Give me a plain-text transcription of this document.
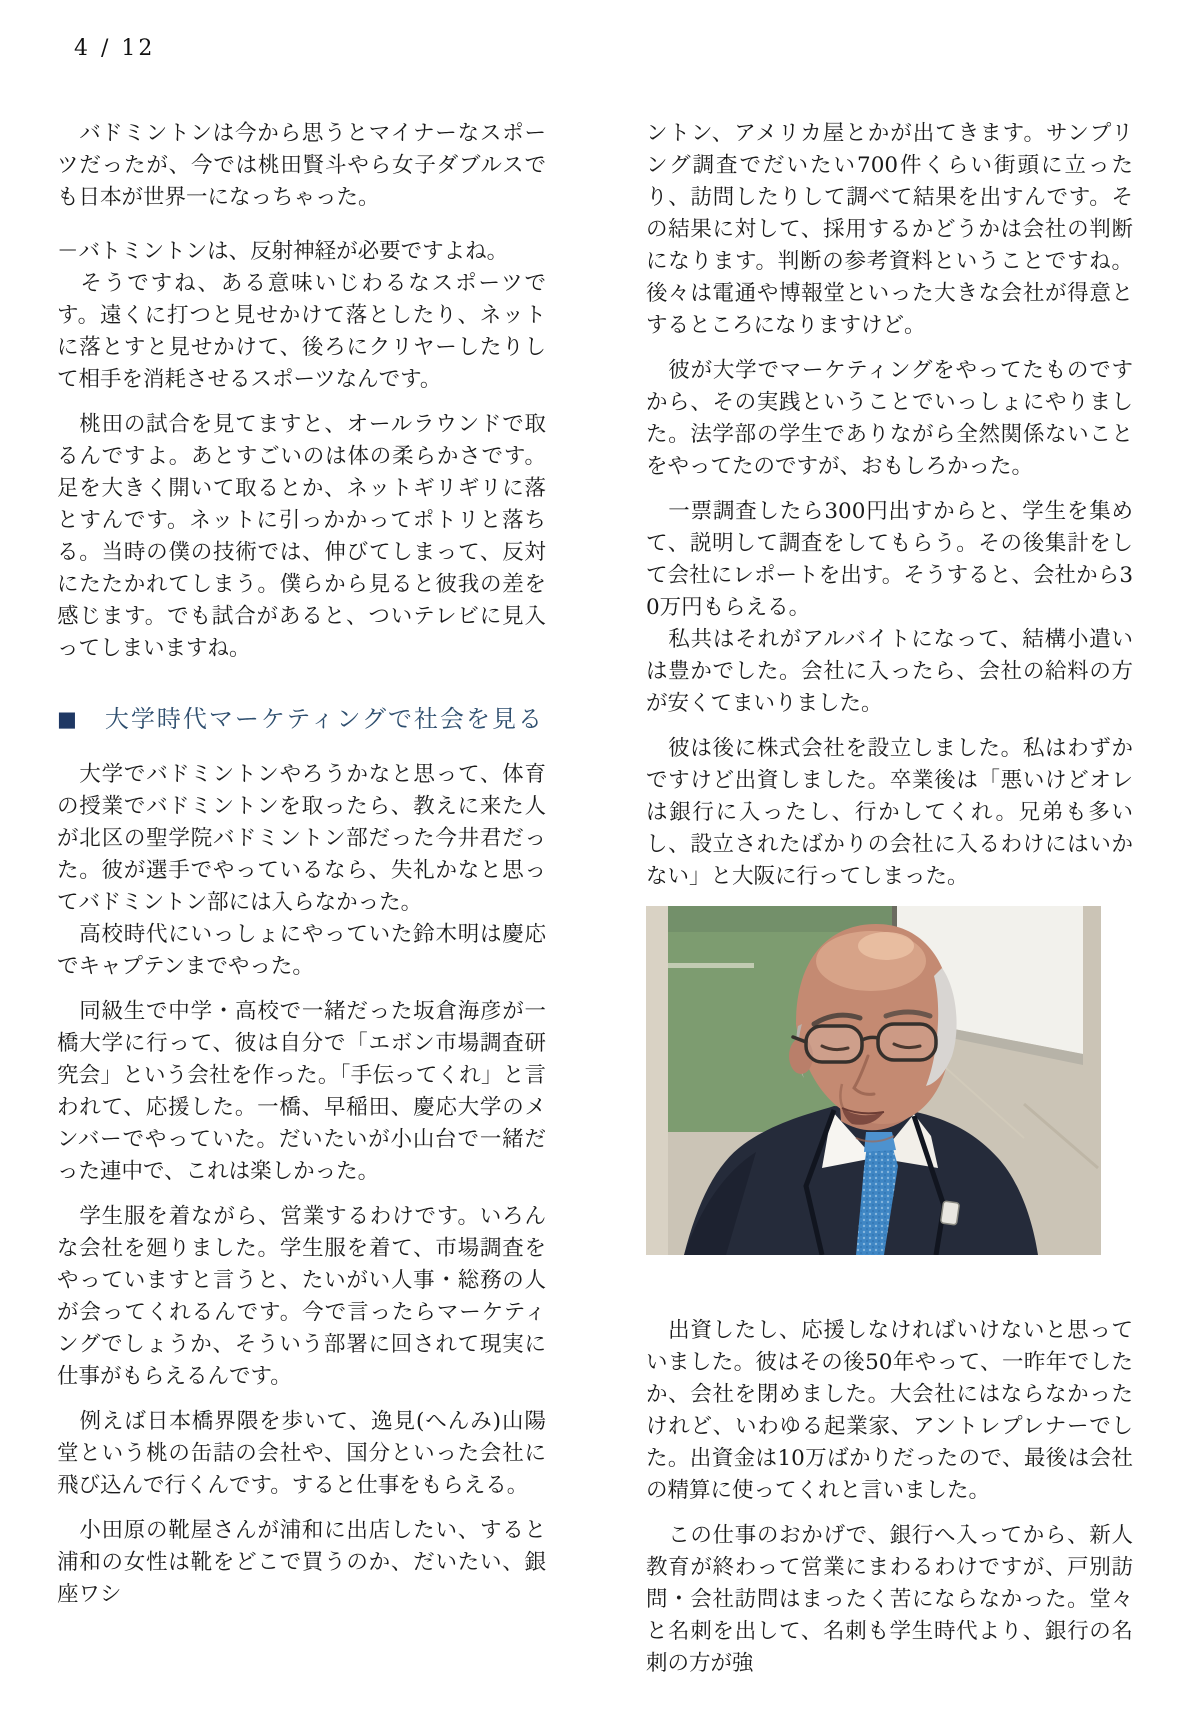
4 / 12

　バドミントンは今から思うとマイナーなスポーツだったが、今では桃田賢斗やら女子ダブルスでも日本が世界一になっちゃった。

－バトミントンは、反射神経が必要ですよね。

　そうですね、ある意味いじわるなスポーツです。遠くに打つと見せかけて落としたり、ネットに落とすと見せかけて、後ろにクリヤーしたりして相手を消耗させるスポーツなんです。

　桃田の試合を見てますと、オールラウンドで取るんですよ。あとすごいのは体の柔らかさです。足を大きく開いて取るとか、ネットギリギリに落とすんです。ネットに引っかかってポトリと落ちる。当時の僕の技術では、伸びてしまって、反対にたたかれてしまう。僕らから見ると彼我の差を感じます。でも試合があると、ついテレビに見入ってしまいますね。

■ 大学時代マーケティングで社会を見る

　大学でバドミントンやろうかなと思って、体育の授業でバドミントンを取ったら、教えに来た人が北区の聖学院バドミントン部だった今井君だった。彼が選手でやっているなら、失礼かなと思ってバドミントン部には入らなかった。

　高校時代にいっしょにやっていた鈴木明は慶応でキャプテンまでやった。

　同級生で中学・高校で一緒だった坂倉海彦が一橋大学に行って、彼は自分で「エボン市場調査研究会」という会社を作った。「手伝ってくれ」と言われて、応援した。一橋、早稲田、慶応大学のメンバーでやっていた。だいたいが小山台で一緒だった連中で、これは楽しかった。

　学生服を着ながら、営業するわけです。いろんな会社を廻りました。学生服を着て、市場調査をやっていますと言うと、たいがい人事・総務の人が会ってくれるんです。今で言ったらマーケティングでしょうか、そういう部署に回されて現実に仕事がもらえるんです。

　例えば日本橋界隈を歩いて、逸見(へんみ)山陽堂という桃の缶詰の会社や、国分といった会社に飛び込んで行くんです。すると仕事をもらえる。

　小田原の靴屋さんが浦和に出店したい、すると浦和の女性は靴をどこで買うのか、だいたい、銀座ワシ

ントン、アメリカ屋とかが出てきます。サンプリング調査でだいたい700件くらい街頭に立ったり、訪問したりして調べて結果を出すんです。その結果に対して、採用するかどうかは会社の判断になります。判断の参考資料ということですね。後々は電通や博報堂といった大きな会社が得意とするところになりますけど。

　彼が大学でマーケティングをやってたものですから、その実践ということでいっしょにやりました。法学部の学生でありながら全然関係ないことをやってたのですが、おもしろかった。

　一票調査したら300円出すからと、学生を集めて、説明して調査をしてもらう。その後集計をして会社にレポートを出す。そうすると、会社から30万円もらえる。

　私共はそれがアルバイトになって、結構小遣いは豊かでした。会社に入ったら、会社の給料の方が安くてまいりました。

　彼は後に株式会社を設立しました。私はわずかですけど出資しました。卒業後は「悪いけどオレは銀行に入ったし、行かしてくれ。兄弟も多いし、設立されたばかりの会社に入るわけにはいかない」と大阪に行ってしまった。

　出資したし、応援しなければいけないと思っていました。彼はその後50年やって、一昨年でしたか、会社を閉めました。大会社にはならなかったけれど、いわゆる起業家、アントレプレナーでした。出資金は10万ばかりだったので、最後は会社の精算に使ってくれと言いました。

　この仕事のおかげで、銀行へ入ってから、新人教育が終わって営業にまわるわけですが、戸別訪問・会社訪問はまったく苦にならなかった。堂々と名刺を出して、名刺も学生時代より、銀行の名刺の方が強
